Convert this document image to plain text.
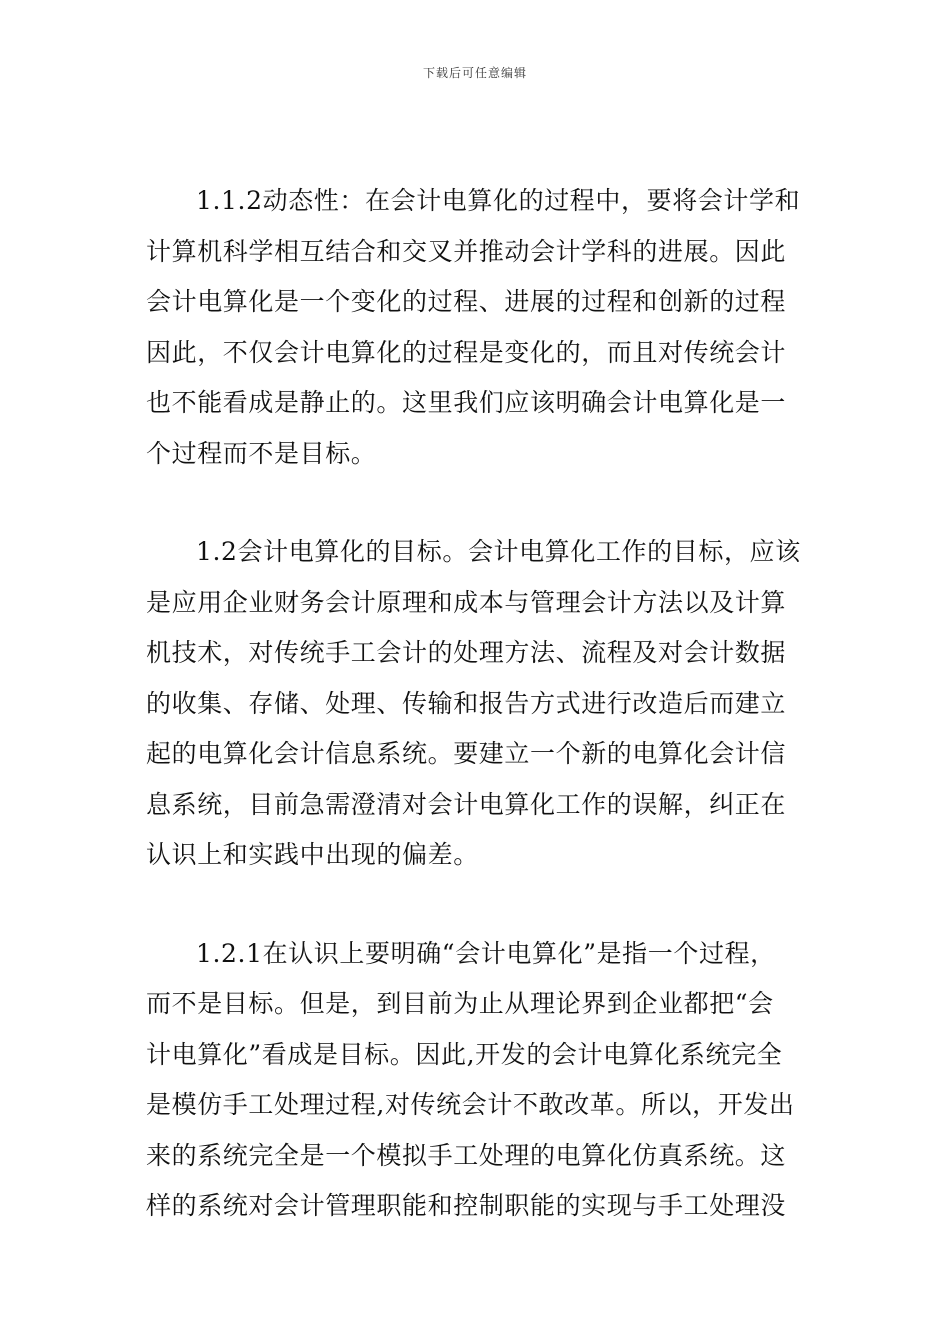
下载后可任意编辑
1.1.2动态性：在会计电算化的过程中，要将会计学和
计算机科学相互结合和交叉并推动会计学科的进展。因此
会计电算化是一个变化的过程、进展的过程和创新的过程
因此，不仅会计电算化的过程是变化的，而且对传统会计
也不能看成是静止的。这里我们应该明确会计电算化是一
个过程而不是目标。
1.2会计电算化的目标。会计电算化工作的目标，应该
是应用企业财务会计原理和成本与管理会计方法以及计算
机技术，对传统手工会计的处理方法、流程及对会计数据
的收集、存储、处理、传输和报告方式进行改造后而建立
起的电算化会计信息系统。要建立一个新的电算化会计信
息系统，目前急需澄清对会计电算化工作的误解，纠正在
认识上和实践中出现的偏差。
1.2.1在认识上要明确“会计电算化”是指一个过程，
而不是目标。但是，到目前为止从理论界到企业都把“会
计电算化”看成是目标。因此,开发的会计电算化系统完全
是模仿手工处理过程,对传统会计不敢改革。所以，开发出
来的系统完全是一个模拟手工处理的电算化仿真系统。这
样的系统对会计管理职能和控制职能的实现与手工处理没
